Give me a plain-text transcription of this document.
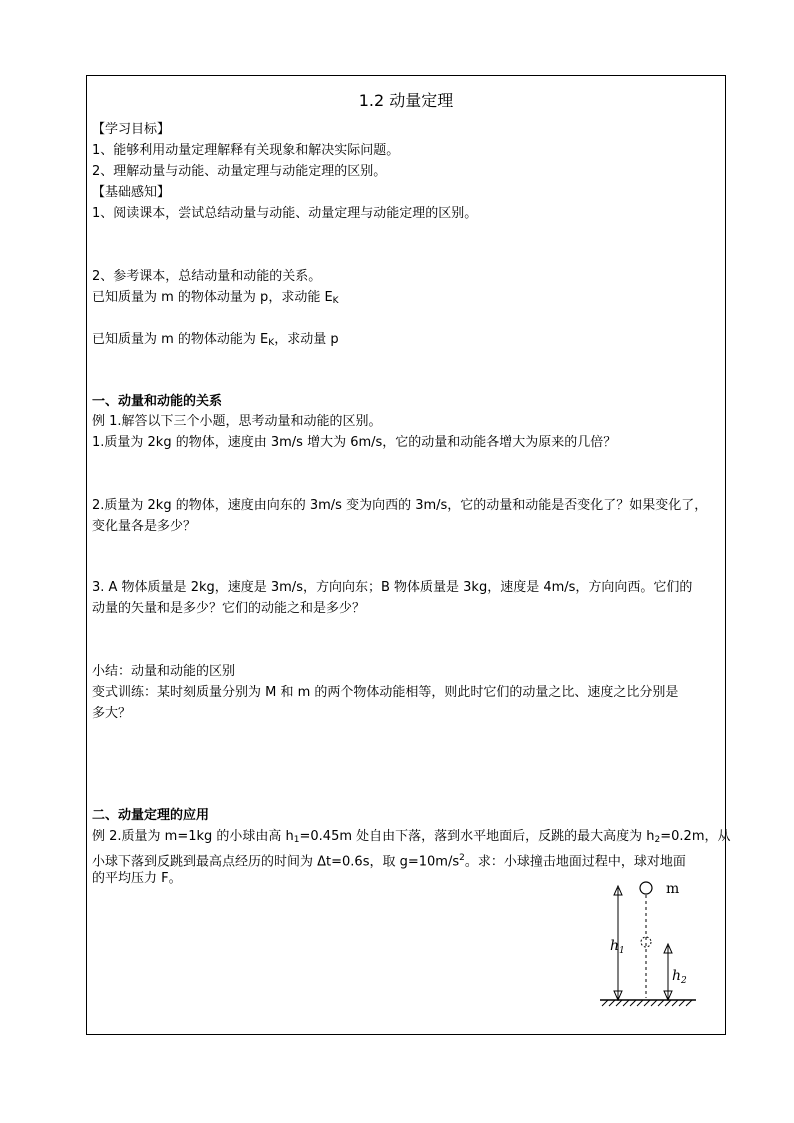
1.2 动量定理
【学习目标】
1、能够利用动量定理解释有关现象和解决实际问题。
2、理解动量与动能、动量定理与动能定理的区别。
【基础感知】
1、阅读课本，尝试总结动量与动能、动量定理与动能定理的区别。
2、参考课本，总结动量和动能的关系。
已知质量为 m 的物体动量为 p，求动能 $E_K$
已知质量为 m 的物体动能为 $E_K$，求动量 p
一、动量和动能的关系
例 1.解答以下三个小题，思考动量和动能的区别。
1.质量为 2kg 的物体，速度由 3m/s 增大为 6m/s，它的动量和动能各增大为原来的几倍？
2.质量为 2kg 的物体，速度由向东的 3m/s 变为向西的 3m/s，它的动量和动能是否变化了？如果变化了，
变化量各是多少？
3. A 物体质量是 2kg，速度是 3m/s，方向向东；B 物体质量是 3kg，速度是 4m/s，方向向西。它们的
动量的矢量和是多少？它们的动能之和是多少？
小结：动量和动能的区别
变式训练：某时刻质量分别为 M 和 m 的两个物体动能相等，则此时它们的动量之比、速度之比分别是
多大？
二、动量定理的应用
例 2.质量为 m=1kg 的小球由高 $h_1=0.45m$ 处自由下落，落到水平地面后，反跳的最大高度为 $h_2=0.2m$，从
小球下落到反跳到最高点经历的时间为 Δt=0.6s，取 $g=10m/s^2$。求：小球撞击地面过程中，球对地面
的平均压力 F。
m
$h_1$
$h_2$
